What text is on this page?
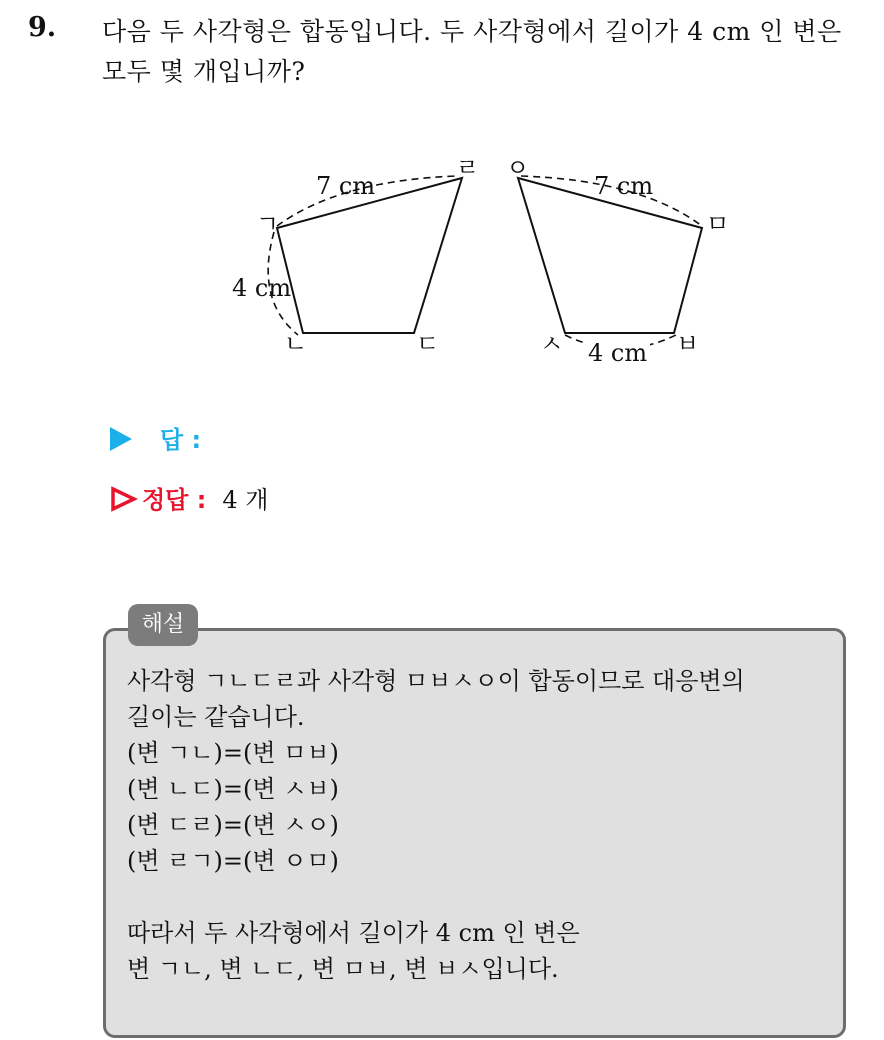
9. 다음 두 사각형은 합동입니다. 두 사각형에서 길이가 4 cm 인 변은
모두 몇 개입니까?
7 cm
4 cm
ㄱ
ㄴ	ㄷ
ㄹ
7 cm
4 cm
ㅇ
ㅁ
ㅂ
ㅅ
답 :
정답 : 4 개
해설
사각형 ㄱㄴㄷㄹ과 사각형 ㅁㅂㅅㅇ이 합동이므로 대응변의
길이는 같습니다.
(변 ㄱㄴ)=(변 ㅁㅂ)
(변 ㄴㄷ)=(변 ㅅㅂ)
(변 ㄷㄹ)=(변 ㅅㅇ)
(변 ㄹㄱ)=(변 ㅇㅁ)
따라서 두 사각형에서 길이가 4 cm 인 변은
변 ㄱㄴ, 변 ㄴㄷ, 변 ㅁㅂ, 변 ㅂㅅ입니다.
